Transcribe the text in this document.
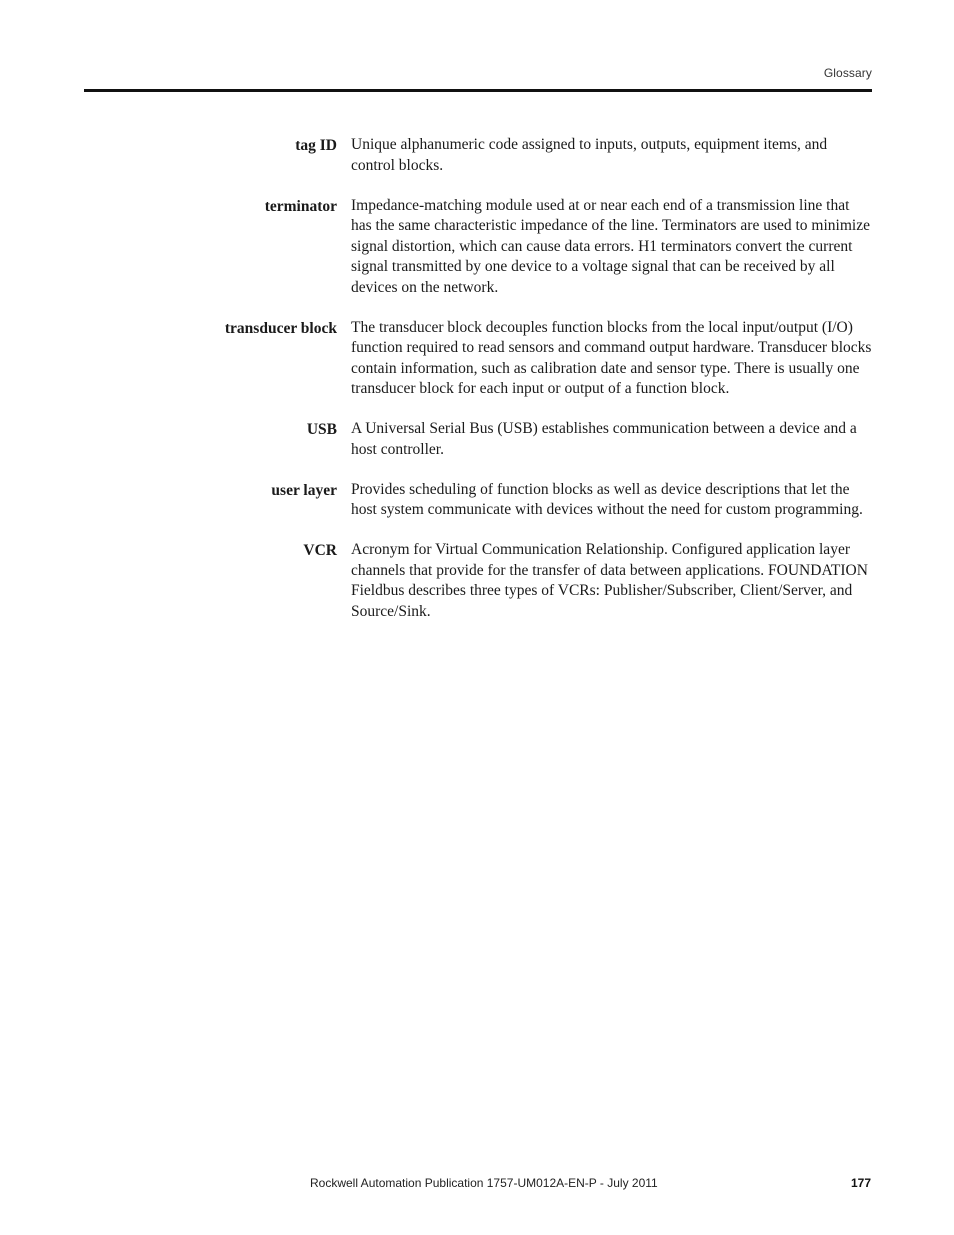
Glossary
tag ID Unique alphanumeric code assigned to inputs, outputs, equipment items, and control blocks.
terminator Impedance-matching module used at or near each end of a transmission line that has the same characteristic impedance of the line. Terminators are used to minimize signal distortion, which can cause data errors. H1 terminators convert the current signal transmitted by one device to a voltage signal that can be received by all devices on the network.
transducer block The transducer block decouples function blocks from the local input/output (I/O) function required to read sensors and command output hardware. Transducer blocks contain information, such as calibration date and sensor type. There is usually one transducer block for each input or output of a function block.
USB A Universal Serial Bus (USB) establishes communication between a device and a host controller.
user layer Provides scheduling of function blocks as well as device descriptions that let the host system communicate with devices without the need for custom programming.
VCR Acronym for Virtual Communication Relationship. Configured application layer channels that provide for the transfer of data between applications. FOUNDATION Fieldbus describes three types of VCRs: Publisher/Subscriber, Client/Server, and Source/Sink.
Rockwell Automation Publication 1757-UM012A-EN-P - July 2011	177
